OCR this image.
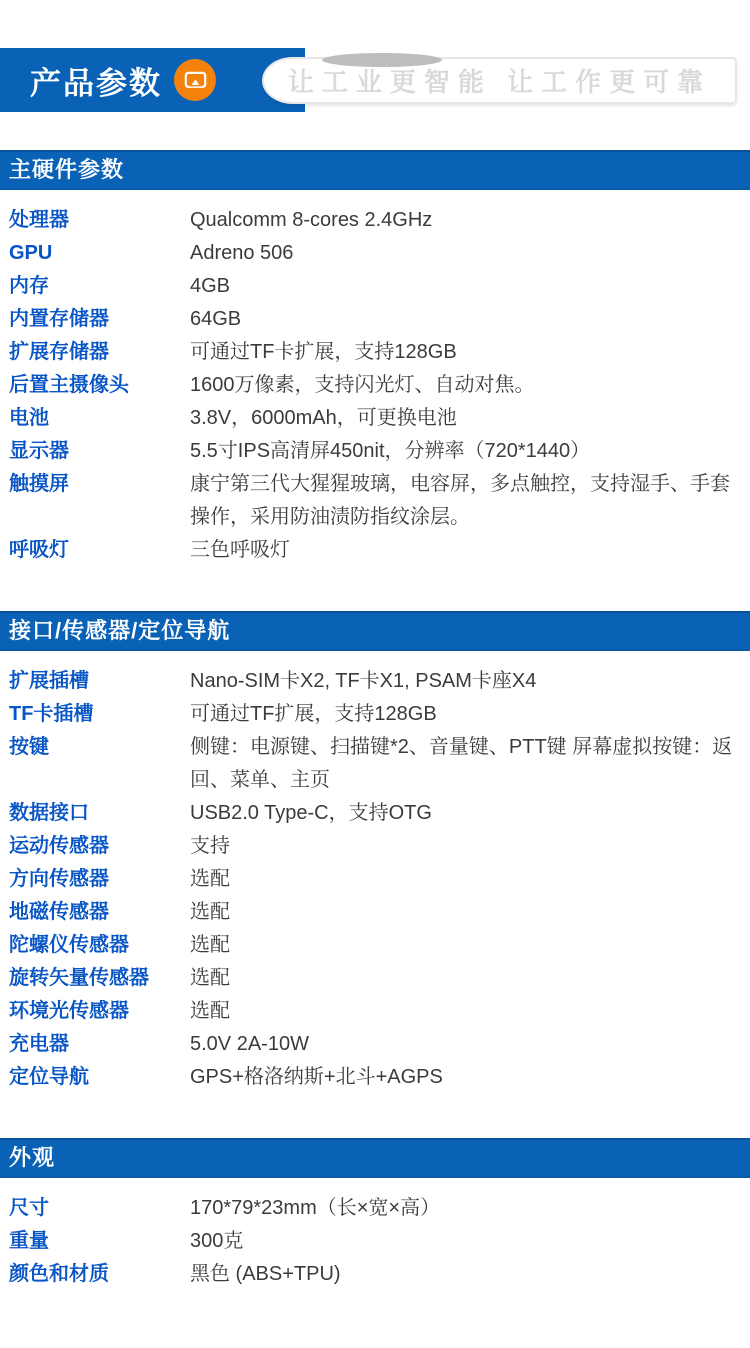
产品参数	让工业更智能 让工作更可靠
主硬件参数
处理器	Qualcomm 8-cores 2.4GHz
GPU	Adreno 506
内存	4GB
内置存储器	64GB
扩展存储器	可通过TF卡扩展，支持128GB
后置主摄像头	1600万像素，支持闪光灯、自动对焦。
电池	3.8V，6000mAh，可更换电池
显示器	5.5寸IPS高清屏450nit，分辨率（720*1440）
触摸屏	康宁第三代大猩猩玻璃，电容屏，多点触控，支持湿手、手套操作，采用防油渍防指纹涂层。
呼吸灯	三色呼吸灯
接口/传感器/定位导航
扩展插槽	Nano-SIM卡X2, TF卡X1, PSAM卡座X4
TF卡插槽	可通过TF扩展，支持128GB
按键	侧键：电源键、扫描键*2、音量键、PTT键 屏幕虚拟按键：返回、菜单、主页
数据接口	USB2.0 Type-C，支持OTG
运动传感器	支持
方向传感器	选配
地磁传感器	选配
陀螺仪传感器	选配
旋转矢量传感器	选配
环境光传感器	选配
充电器	5.0V 2A-10W
定位导航	GPS+格洛纳斯+北斗+AGPS
外观
尺寸	170*79*23mm（长×宽×高）
重量	300克
颜色和材质	黑色 (ABS+TPU)
